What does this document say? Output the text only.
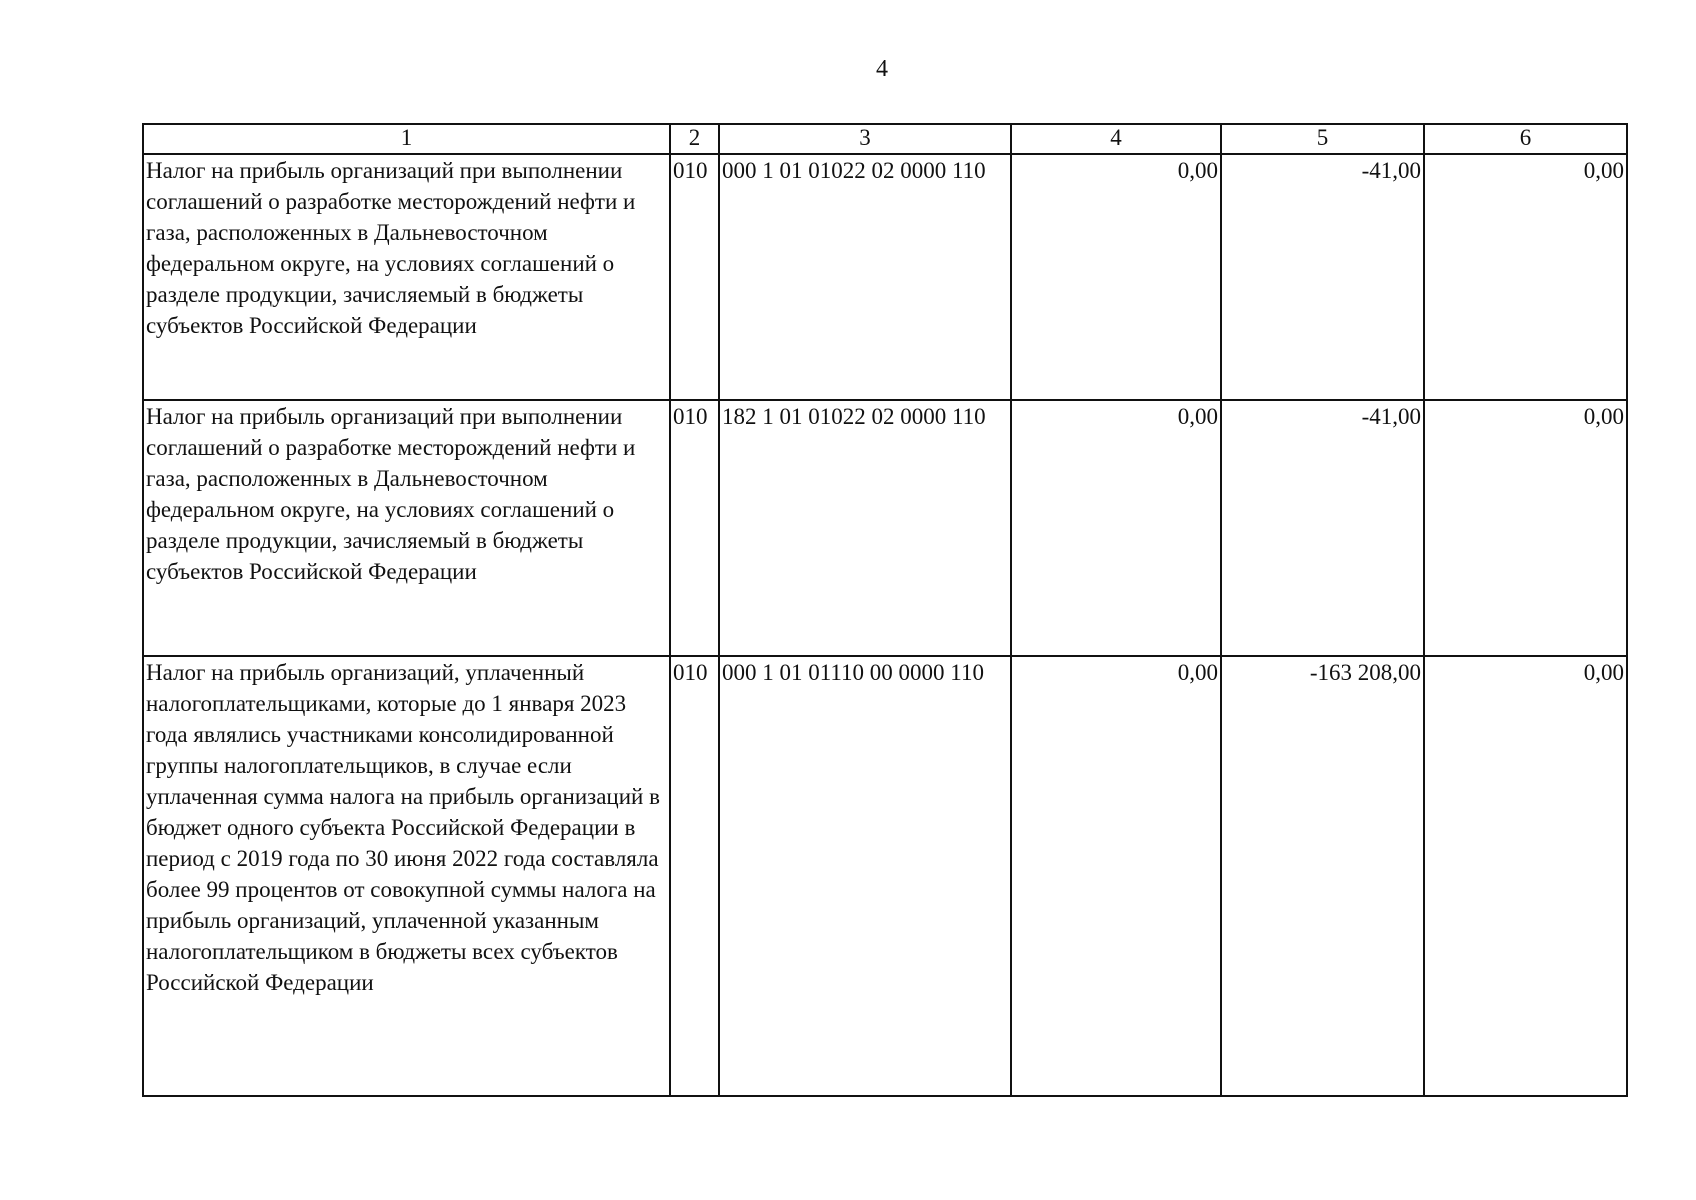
4
1	2	3	4	5	6
Налог на прибыль организаций при выполнении соглашений о разработке месторождений нефти и газа, расположенных в Дальневосточном федеральном округе, на условиях соглашений о разделе продукции, зачисляемый в бюджеты субъектов Российской Федерации	010	000 1 01 01022 02 0000 110	0,00	-41,00	0,00
Налог на прибыль организаций при выполнении соглашений о разработке месторождений нефти и газа, расположенных в Дальневосточном федеральном округе, на условиях соглашений о разделе продукции, зачисляемый в бюджеты субъектов Российской Федерации	010	182 1 01 01022 02 0000 110	0,00	-41,00	0,00
Налог на прибыль организаций, уплаченный налогоплательщиками, которые до 1 января 2023 года являлись участниками консолидированной группы налогоплательщиков, в случае если уплаченная сумма налога на прибыль организаций в бюджет одного субъекта Российской Федерации в период с 2019 года по 30 июня 2022 года составляла более 99 процентов от совокупной суммы налога на прибыль организаций, уплаченной указанным налогоплательщиком в бюджеты всех субъектов Российской Федерации	010	000 1 01 01110 00 0000 110	0,00	-163 208,00	0,00
